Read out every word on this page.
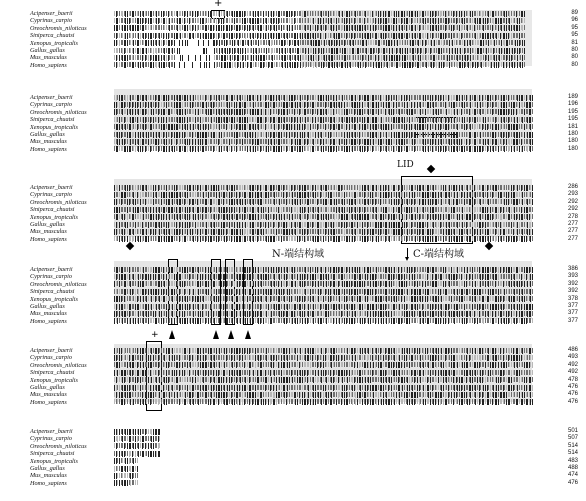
+
LID
N-端结构域	C-端结构域
+
Acipenser_baerii	89
Cyprinus_carpio	96
Oreochromis_niloticus	95
Siniperca_chuatsi	95
Xenopus_tropicalis	81
Gallus_gallus	80
Mus_musculus	80
Homo_sapiens	80
Acipenser_baerii	189
Cyprinus_carpio	196
Oreochromis_niloticus	195
Siniperca_chuatsi	195
Xenopus_tropicalis	181
Gallus_gallus	180
Mus_musculus	180
Homo_sapiens	180
Acipenser_baerii	286
Cyprinus_carpio	293
Oreochromis_niloticus	292
Siniperca_chuatsi	292
Xenopus_tropicalis	278
Gallus_gallus	277
Mus_musculus	277
Homo_sapiens	277
Acipenser_baerii	386
Cyprinus_carpio	393
Oreochromis_niloticus	392
Siniperca_chuatsi	392
Xenopus_tropicalis	378
Gallus_gallus	377
Mus_musculus	377
Homo_sapiens	377
Acipenser_baerii	486
Cyprinus_carpio	493
Oreochromis_niloticus	492
Siniperca_chuatsi	492
Xenopus_tropicalis	478
Gallus_gallus	476
Mus_musculus	476
Homo_sapiens	476
Acipenser_baerii	501
Cyprinus_carpio	507
Oreochromis_niloticus	514
Siniperca_chuatsi	514
Xenopus_tropicalis	483
Gallus_gallus	488
Mus_musculus	474
Homo_sapiens	476
